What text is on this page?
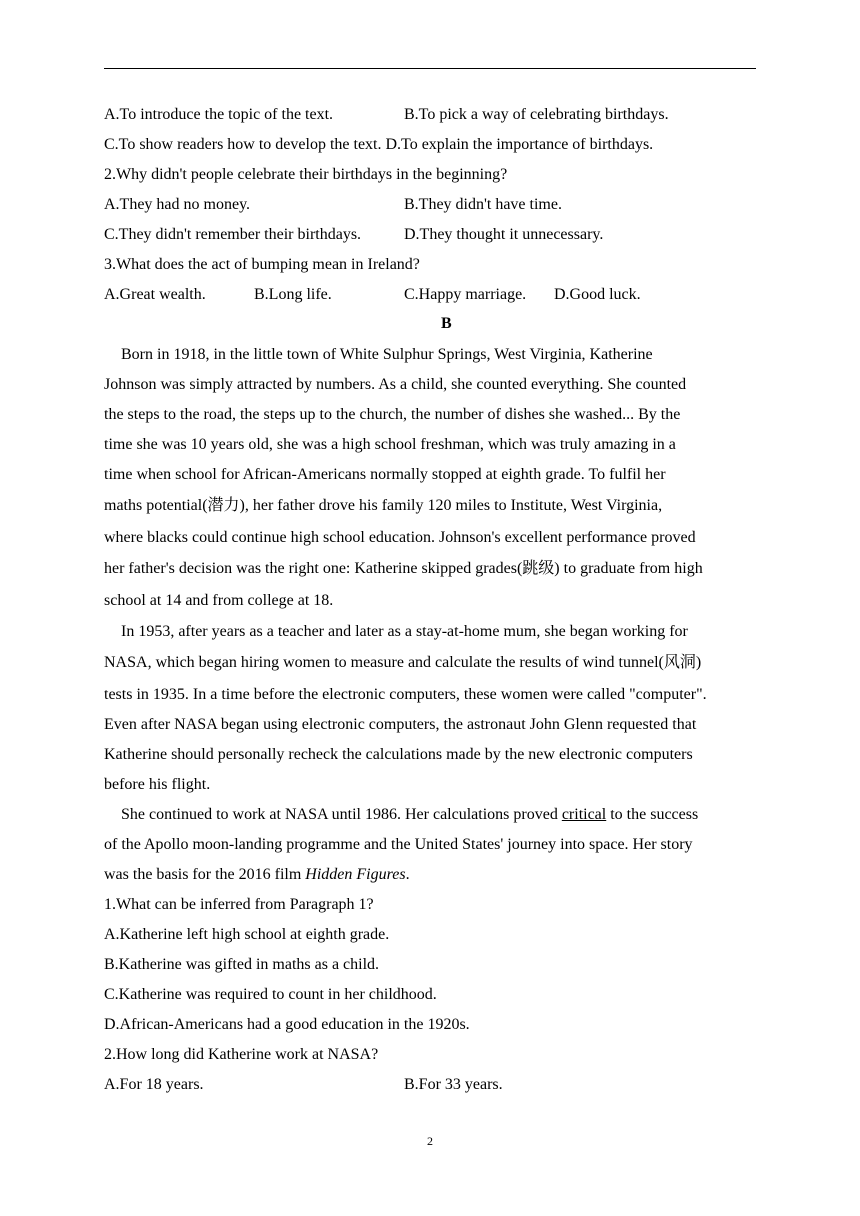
A.To introduce the topic of the text.	B.To pick a way of celebrating birthdays.
C.To show readers how to develop the text. D.To explain the importance of birthdays.
2.Why didn't people celebrate their birthdays in the beginning?
A.They had no money.	B.They didn't have time.
C.They didn't remember their birthdays.	D.They thought it unnecessary.
3.What does the act of bumping mean in Ireland?
A.Great wealth.	B.Long life.	C.Happy marriage. D.Good luck.
B
Born in 1918, in the little town of White Sulphur Springs, West Virginia, Katherine
Johnson was simply attracted by numbers. As a child, she counted everything. She counted
the steps to the road, the steps up to the church, the number of dishes she washed... By the
time she was 10 years old, she was a high school freshman, which was truly amazing in a
time when school for African-Americans normally stopped at eighth grade. To fulfil her
maths potential(潜力), her father drove his family 120 miles to Institute, West Virginia,
where blacks could continue high school education. Johnson's excellent performance proved
her father's decision was the right one: Katherine skipped grades(跳级) to graduate from high
school at 14 and from college at 18.
In 1953, after years as a teacher and later as a stay-at-home mum, she began working for
NASA, which began hiring women to measure and calculate the results of wind tunnel(风洞)
tests in 1935. In a time before the electronic computers, these women were called "computer".
Even after NASA began using electronic computers, the astronaut John Glenn requested that
Katherine should personally recheck the calculations made by the new electronic computers
before his flight.
She continued to work at NASA until 1986. Her calculations proved critical to the success
of the Apollo moon-landing programme and the United States' journey into space. Her story
was the basis for the 2016 film Hidden Figures.
1.What can be inferred from Paragraph 1?
A.Katherine left high school at eighth grade.
B.Katherine was gifted in maths as a child.
C.Katherine was required to count in her childhood.
D.African-Americans had a good education in the 1920s.
2.How long did Katherine work at NASA?
A.For 18 years.	B.For 33 years.
2
